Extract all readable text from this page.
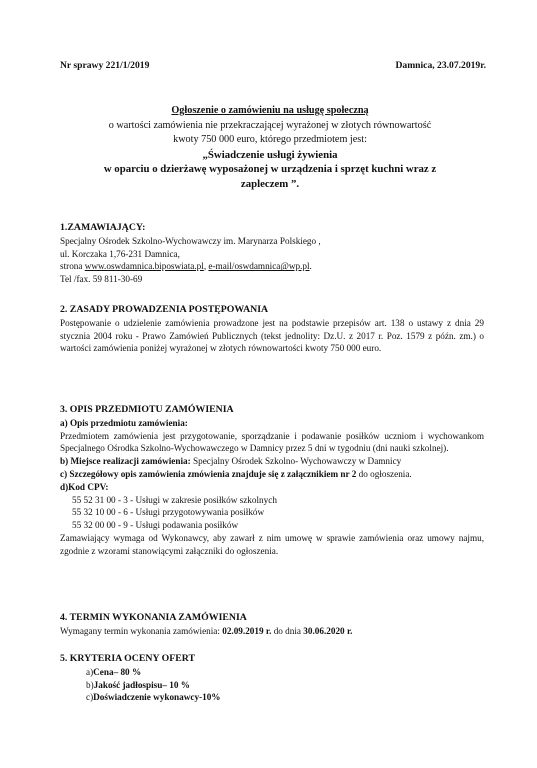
Nr sprawy 221/1/2019	Damnica, 23.07.2019r.
Ogłoszenie o zamówieniu na usługę społeczną
o wartości zamówienia nie przekraczającej wyrażonej w złotych równowartość
kwoty 750 000 euro, którego przedmiotem jest:
„Świadczenie usługi żywienia
w oparciu o dzierżawę wyposażonej w urządzenia i sprzęt kuchni wraz z
zapleczem ”.
1.ZAMAWIAJĄCY:
Specjalny Ośrodek Szkolno-Wychowawczy im. Marynarza Polskiego ,
ul. Korczaka 1,76-231 Damnica,
strona www.oswdamnica.biposwiata.pl, e-mail/oswdamnica@wp.pl.
Tel /fax. 59 811-30-69
2. ZASADY PROWADZENIA POSTĘPOWANIA
Postępowanie o udzielenie zamówienia prowadzone jest na podstawie przepisów art. 138 o ustawy z dnia 29 stycznia 2004 roku - Prawo Zamówień Publicznych (tekst jednolity: Dz.U. z 2017 r. Poz. 1579 z późn. zm.) o wartości zamówienia poniżej wyrażonej w złotych równowartości kwoty 750 000 euro.
3. OPIS PRZEDMIOTU ZAMÓWIENIA
a) Opis przedmiotu zamówienia:
Przedmiotem zamówienia jest przygotowanie, sporządzanie i podawanie posiłków uczniom i wychowankom Specjalnego Ośrodka Szkolno-Wychowawczego w Damnicy przez 5 dni w tygodniu (dni nauki szkolnej).
b) Miejsce realizacji zamówienia: Specjalny Ośrodek Szkolno- Wychowawczy w Damnicy
c) Szczegółowy opis zamówienia zmówienia znajduje się z załącznikiem nr 2 do ogłoszenia.
d)Kod CPV:
55 52 31 00 - 3 - Usługi w zakresie posiłków szkolnych
55 32 10 00 - 6 - Usługi przygotowywania posiłków
55 32 00 00 - 9 - Usługi podawania posiłków
Zamawiający wymaga od Wykonawcy, aby zawarł z nim umowę w sprawie zamówienia oraz umowy najmu, zgodnie z wzorami stanowiącymi załączniki do ogłoszenia.
4. TERMIN WYKONANIA ZAMÓWIENIA
Wymagany termin wykonania zamówienia: 02.09.2019 r. do dnia 30.06.2020 r.
5. KRYTERIA OCENY OFERT
a)Cena– 80 %
b)Jakość jadłospisu– 10 %
c)Doświadczenie wykonawcy-10%
